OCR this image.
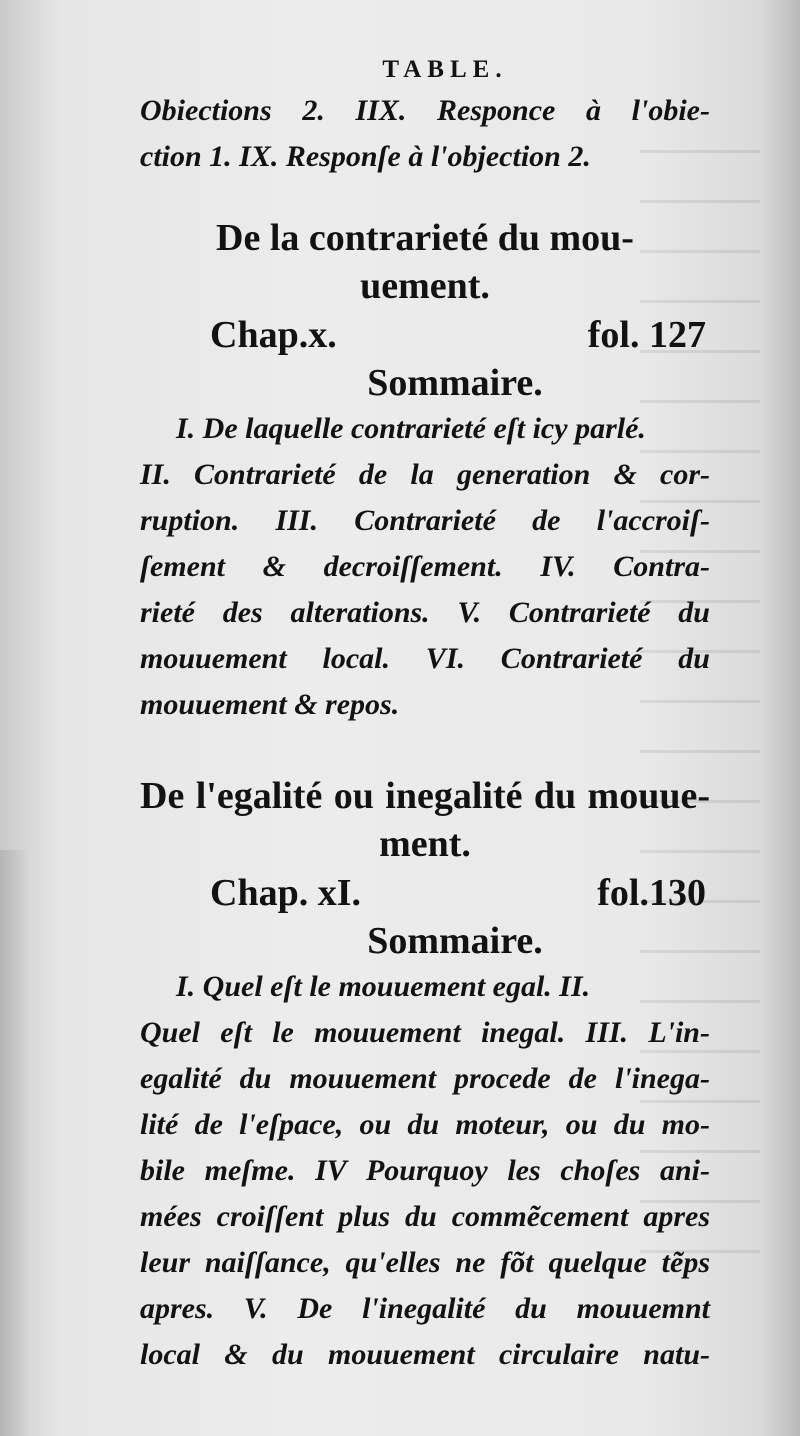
TABLE.
Obiections 2. IIX. Responce à l'obie-
ction 1. IX. Responſe à l'objection 2.
De la contrarieté du mou-
uement.
Chap.x.	fol. 127
Sommaire.
I. De laquelle contrarieté eſt icy parlé.
II. Contrarieté de la generation & cor-
ruption. III. Contrarieté de l'accroiſ-
ſement & decroiſſement. IV. Contra-
rieté des alterations. V. Contrarieté du
mouuement local. VI. Contrarieté du
mouuement & repos.
De l'egalité ou inegalité du mouue-
ment.
Chap. xI.	fol.130
Sommaire.
I. Quel eſt le mouuement egal. II.
Quel eſt le mouuement inegal. III. L'in-
egalité du mouuement procede de l'inega-
lité de l'eſpace, ou du moteur, ou du mo-
bile meſme. IV Pourquoy les choſes ani-
mées croiſſent plus du commẽcement apres
leur naiſſance, qu'elles ne fõt quelque tẽps
apres. V. De l'inegalité du mouuemnt
local & du mouuement circulaire natu-
